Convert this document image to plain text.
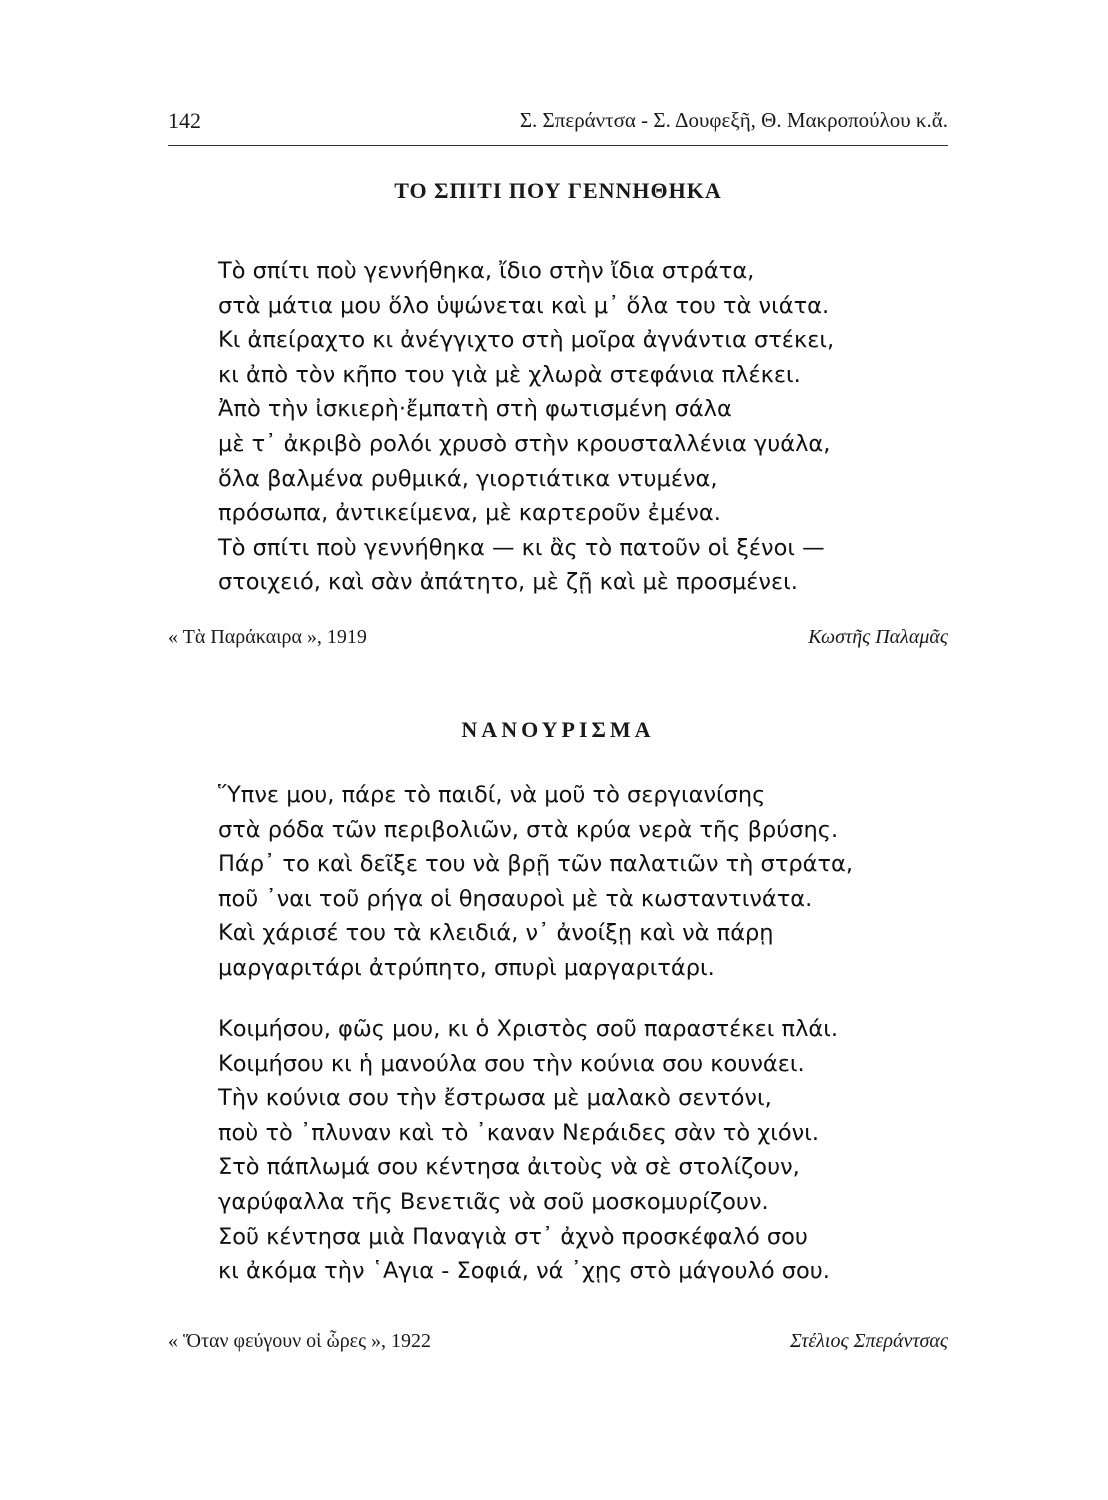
142	Σ. Σπεράντσα - Σ. Δουφεξῆ, Θ. Μακροπούλου κ.ἄ.
ΤΟ ΣΠΙΤΙ ΠΟΥ ΓΕΝΝΗΘΗΚΑ
Τὸ σπίτι ποὺ γεννήθηκα, ἴδιο στὴν ἴδια στράτα,
στὰ μάτια μου ὅλο ὑψώνεται καὶ μ᾿ ὅλα του τὰ νιάτα.
Κι ἀπείραχτο κι ἀνέγγιχτο στὴ μοῖρα ἀγνάντια στέκει,
κι ἀπὸ τὸν κῆπο του γιὰ μὲ χλωρὰ στεφάνια πλέκει.
Ἀπὸ τὴν ἰσκιερὴ·ἔμπατὴ στὴ φωτισμένη σάλα
μὲ τ᾿ ἀκριβὸ ρολόι χρυσὸ στὴν κρουσταλλένια γυάλα,
ὅλα βαλμένα ρυθμικά, γιορτιάτικα ντυμένα,
πρόσωπα, ἀντικείμενα, μὲ καρτεροῦν ἐμένα.
Τὸ σπίτι ποὺ γεννήθηκα — κι ἂς τὸ πατοῦν οἱ ξένοι —
στοιχειό, καὶ σὰν ἀπάτητο, μὲ ζῇ καὶ μὲ προσμένει.
« Τὰ Παράκαιρα », 1919	Κωστῆς Παλαμᾶς
ΝΑΝΟΥΡΙΣΜΑ
Ὕπνε μου, πάρε τὸ παιδί, νὰ μοῦ τὸ σεργιανίσης
στὰ ρόδα τῶν περιβολιῶν, στὰ κρύα νερὰ τῆς βρύσης.
Πάρ᾿ το καὶ δεῖξε του νὰ βρῇ τῶν παλατιῶν τὴ στράτα,
ποῦ ᾿ναι τοῦ ρήγα οἱ θησαυροὶ μὲ τὰ κωσταντινάτα.
Καὶ χάρισέ του τὰ κλειδιά, ν᾿ ἀνοίξῃ καὶ νὰ πάρῃ
μαργαριτάρι ἀτρύπητο, σπυρὶ μαργαριτάρι.
Κοιμήσου, φῶς μου, κι ὁ Χριστὸς σοῦ παραστέκει πλάι.
Κοιμήσου κι ἡ μανούλα σου τὴν κούνια σου κουνάει.
Τὴν κούνια σου τὴν ἔστρωσα μὲ μαλακὸ σεντόνι,
ποὺ τὸ ᾿πλυναν καὶ τὸ ᾿καναν Νεράιδες σὰν τὸ χιόνι.
Στὸ πάπλωμά σου κέντησα ἀιτοὺς νὰ σὲ στολίζουν,
γαρύφαλλα τῆς Βενετιᾶς νὰ σοῦ μοσκομυρίζουν.
Σοῦ κέντησα μιὰ Παναγιὰ στ᾿ ἀχνὸ προσκέφαλό σου
κι ἀκόμα τὴν ῾Αγια - Σοφιά, νά ᾿χῃς στὸ μάγουλό σου.
« Ὅταν φεύγουν οἱ ὧρες », 1922	Στέλιος Σπεράντσας
